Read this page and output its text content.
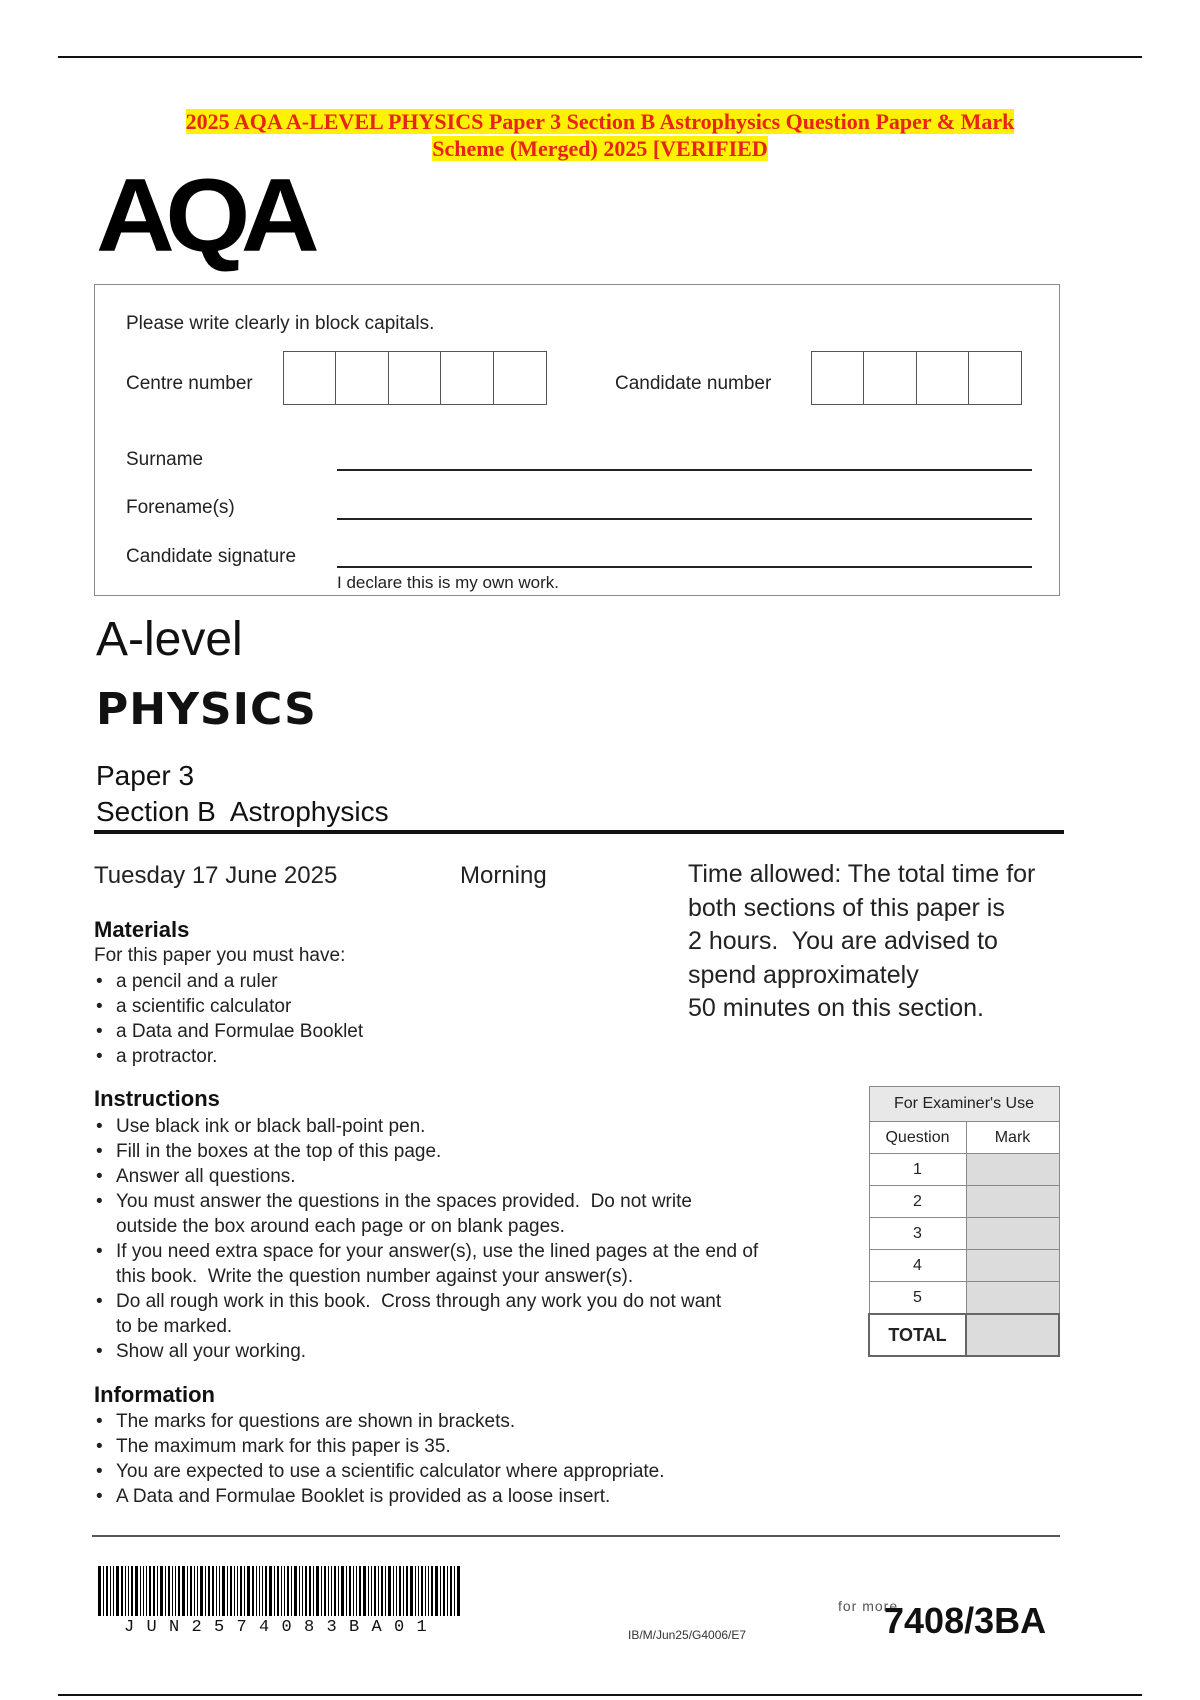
2025 AQA A-LEVEL PHYSICS Paper 3 Section B Astrophysics Question Paper & Mark
Scheme (Merged) 2025 [VERIFIED
AQA
Please write clearly in block capitals.
Centre number	Candidate number
Surname
Forename(s)
Candidate signature
I declare this is my own work.
A-level
PHYSICS
Paper 3
Section B  Astrophysics
Tuesday 17 June 2025	Morning	Time allowed: The total time for
both sections of this paper is
2 hours.  You are advised to
spend approximately
50 minutes on this section.
Materials
For this paper you must have:
• a pencil and a ruler
• a scientific calculator
• a Data and Formulae Booklet
• a protractor.
Instructions
• Use black ink or black ball-point pen.
• Fill in the boxes at the top of this page.
• Answer all questions.
• You must answer the questions in the spaces provided.  Do not write
outside the box around each page or on blank pages.
• If you need extra space for your answer(s), use the lined pages at the end of
this book.  Write the question number against your answer(s).
• Do all rough work in this book.  Cross through any work you do not want
to be marked.
• Show all your working.
Information
• The marks for questions are shown in brackets.
• The maximum mark for this paper is 35.
• You are expected to use a scientific calculator where appropriate.
• A Data and Formulae Booklet is provided as a loose insert.
For Examiner's Use	
Question	Mark
1	
2	
3	
4	
5	
TOTAL	
JUN2574083BA01	IB/M/Jun25/G4006/E7
for more
7408/3BA
